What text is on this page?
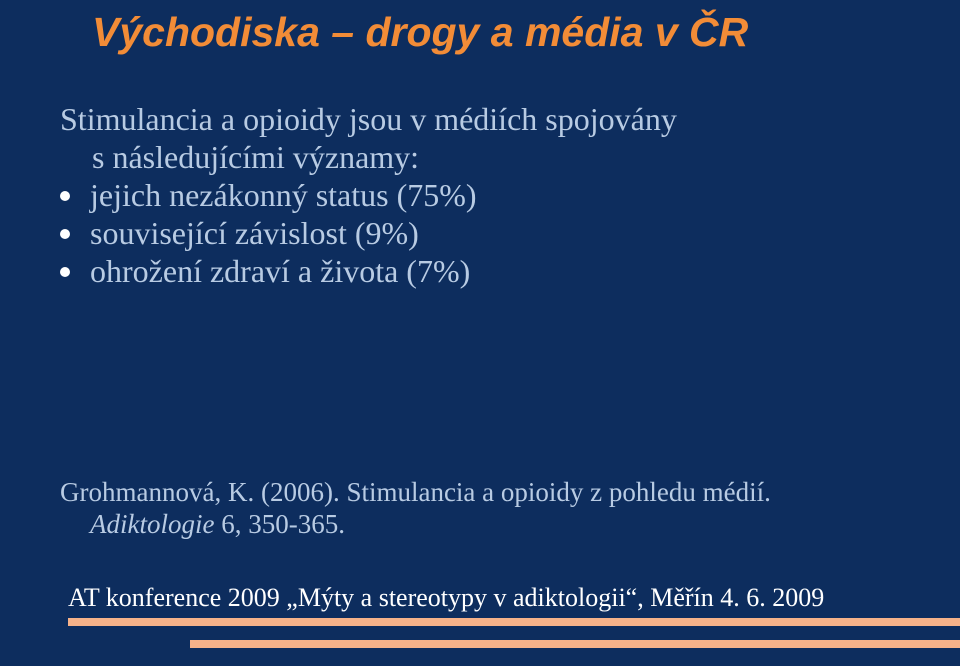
Východiska – drogy a média v ČR

Stimulancia a opioidy jsou v médiích spojovány

s následujícími významy:

jejich nezákonný status (75%)
související závislost (9%)
ohrožení zdraví a života (7%)

Grohmannová, K. (2006). Stimulancia a opioidy z pohledu médií.

Adiktologie 6, 350-365.

AT konference 2009 „Mýty a stereotypy v adiktologii“, Měřín 4. 6. 2009
